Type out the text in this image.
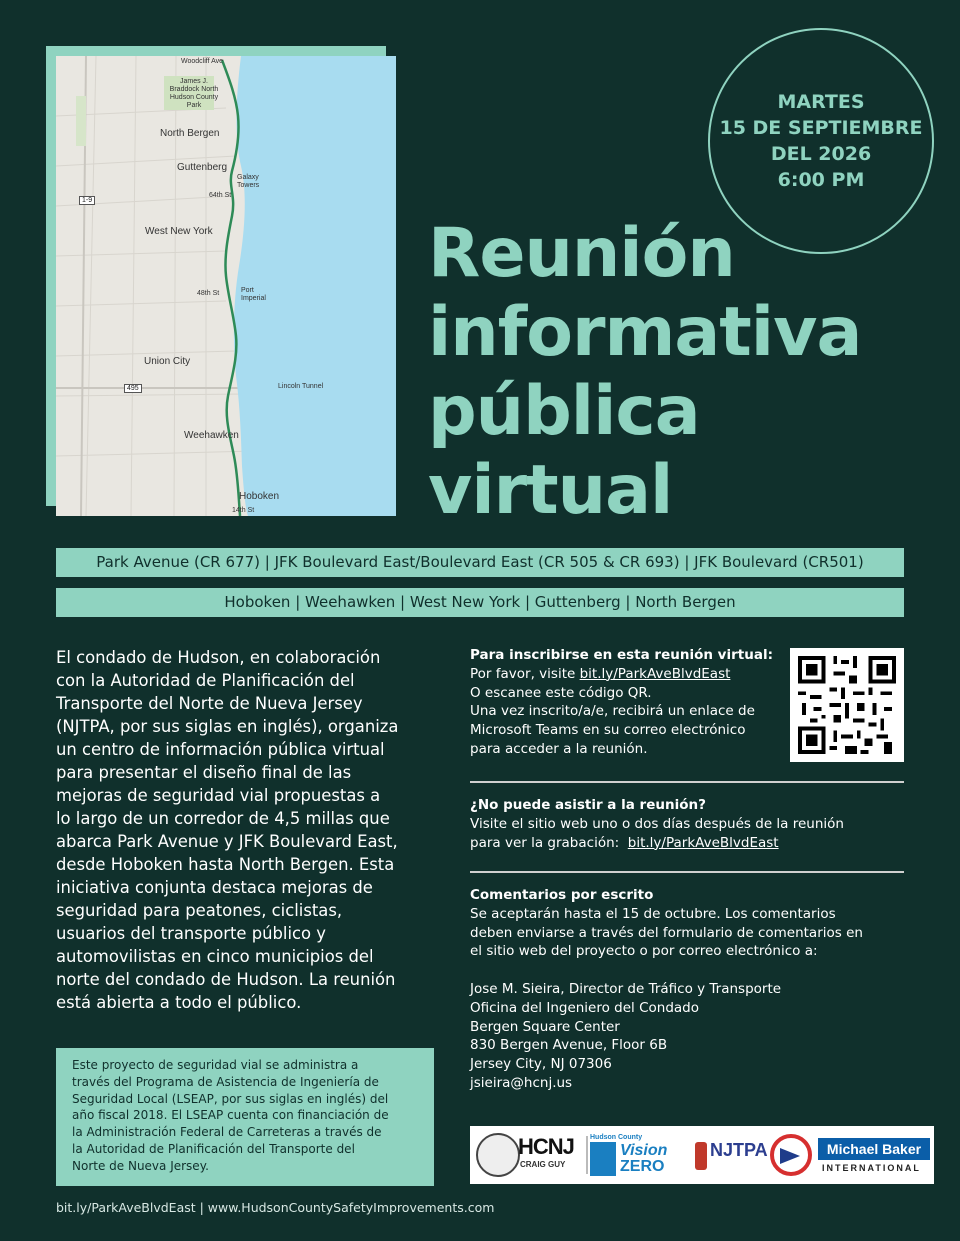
Woodcliff Ave
James J. Braddock North Hudson County Park
North Bergen
Guttenberg
Galaxy Towers
64th St
1-9
West New York
48th St	Port Imperial
Union City
495	Lincoln Tunnel
Weehawken
Hoboken
14th St
MARTES
15 DE SEPTIEMBRE
DEL 2026
6:00 PM
Reunión
informativa
pública
virtual
Park Avenue (CR 677) | JFK Boulevard East/Boulevard East (CR 505 & CR 693) | JFK Boulevard (CR501)
Hoboken | Weehawken | West New York | Guttenberg | North Bergen
El condado de Hudson, en colaboración
con la Autoridad de Planificación del
Transporte del Norte de Nueva Jersey
(NJTPA, por sus siglas en inglés), organiza
un centro de información pública virtual
para presentar el diseño final de las
mejoras de seguridad vial propuestas a
lo largo de un corredor de 4,5 millas que
abarca Park Avenue y JFK Boulevard East,
desde Hoboken hasta North Bergen. Esta
iniciativa conjunta destaca mejoras de
seguridad para peatones, ciclistas,
usuarios del transporte público y
automovilistas en cinco municipios del
norte del condado de Hudson. La reunión
está abierta a todo el público.
Este proyecto de seguridad vial se administra a
través del Programa de Asistencia de Ingeniería de
Seguridad Local (LSEAP, por sus siglas en inglés) del
año fiscal 2018. El LSEAP cuenta con financiación de
la Administración Federal de Carreteras a través de
la Autoridad de Planificación del Transporte del
Norte de Nueva Jersey.
Para inscribirse en esta reunión virtual:
Por favor, visite bit.ly/ParkAveBlvdEast
O escanee este código QR.
Una vez inscrito/a/e, recibirá un enlace de
Microsoft Teams en su correo electrónico
para acceder a la reunión.
¿No puede asistir a la reunión?
Visite el sitio web uno o dos días después de la reunión
para ver la grabación:  bit.ly/ParkAveBlvdEast
Comentarios por escrito
Se aceptarán hasta el 15 de octubre. Los comentarios
deben enviarse a través del formulario de comentarios en
el sitio web del proyecto o por correo electrónico a:
Jose M. Sieira, Director de Tráfico y Transporte
Oficina del Ingeniero del Condado
Bergen Square Center
830 Bergen Avenue, Floor 6B
Jersey City, NJ 07306
jsieira@hcnj.us
HCNJ
CRAIG GUY
Hudson County
Vision
ZERO
NJTPA	Michael Baker
INTERNATIONAL
bit.ly/ParkAveBlvdEast | www.HudsonCountySafetyImprovements.com
